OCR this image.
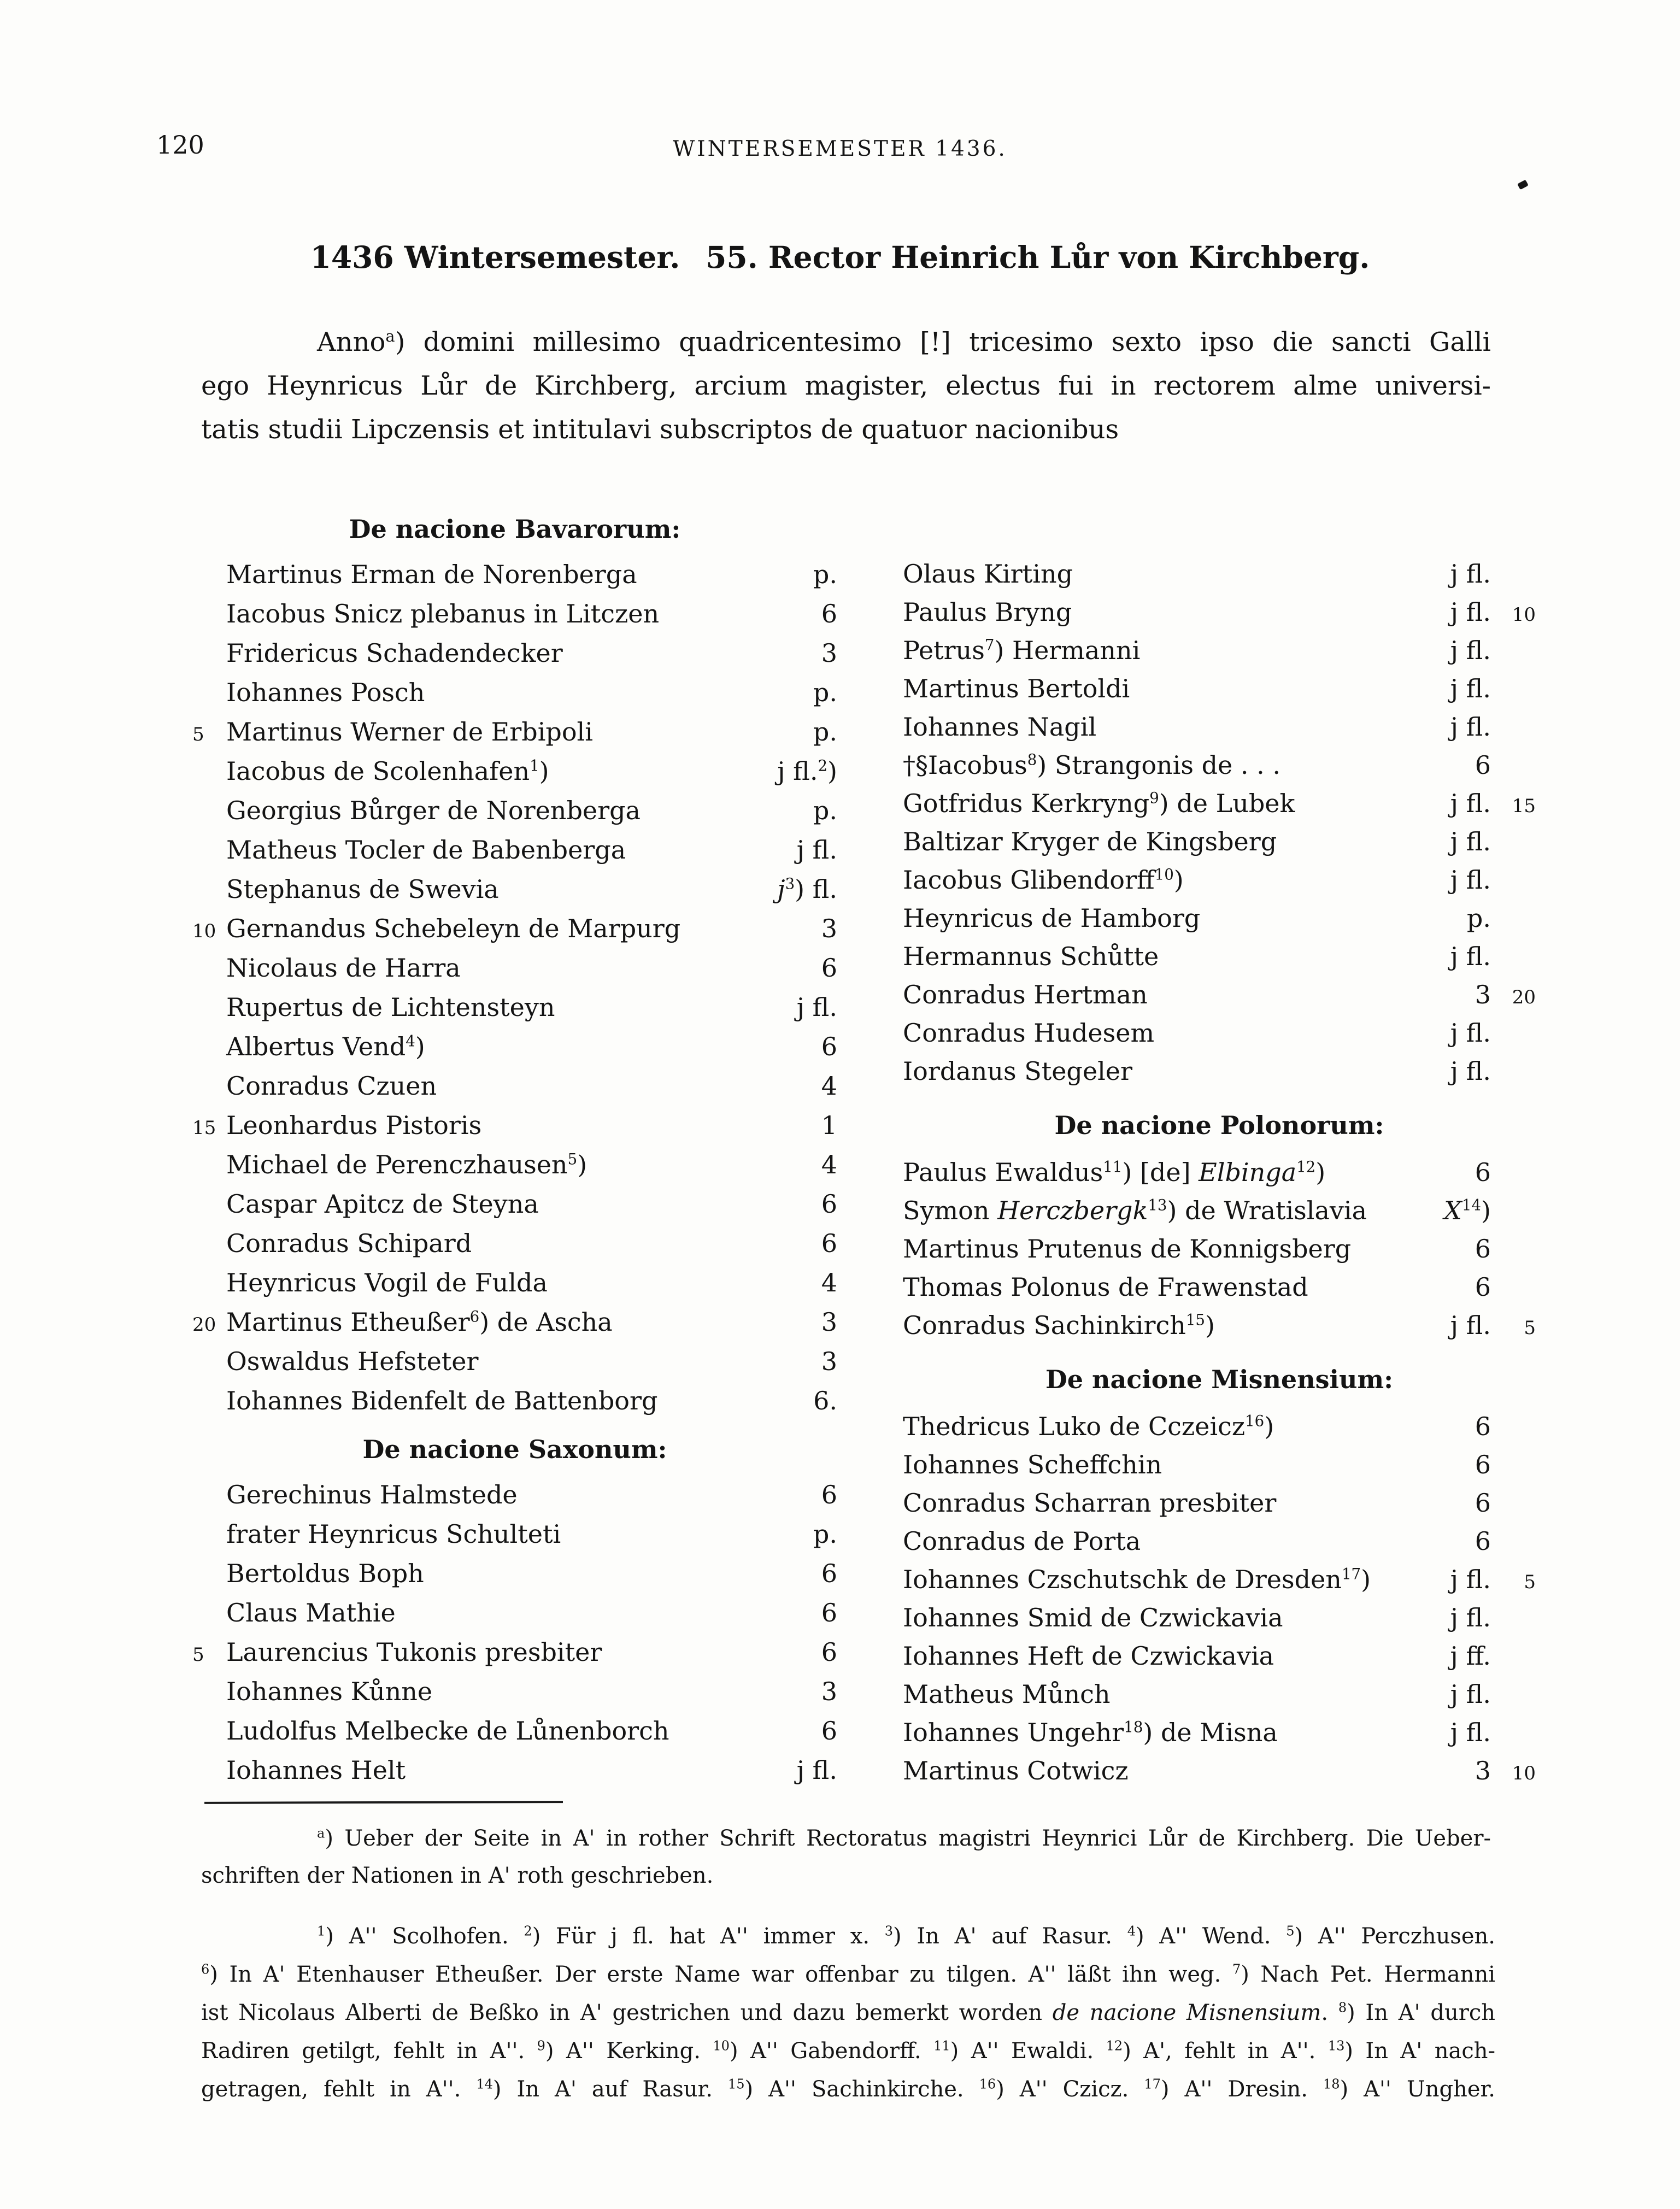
120	WINTERSEMESTER 1436.
1436 Wintersemester.  55. Rector Heinrich Lůr von Kirchberg.
Anno$^a$) domini millesimo quadricentesimo [!] tricesimo sexto ipso die sancti Galli
ego Heynricus Lůr de Kirchberg, arcium magister, electus fui in rectorem alme universi-
tatis studii Lipczensis et intitulavi subscriptos de quatuor nacionibus
De nacione Bavarorum:
Martinus Erman de Norenberga	p.
Iacobus Snicz plebanus in Litczen	6
Fridericus Schadendecker	3
Iohannes Posch	p.
5 Martinus Werner de Erbipoli	p.
Iacobus de Scolenhafen$^1$)	j fl.$^2$)
Georgius Bůrger de Norenberga	p.
Matheus Tocler de Babenberga	j fl.
Stephanus de Swevia	$j^3$) fl.
10 Gernandus Schebeleyn de Marpurg	3
Nicolaus de Harra	6
Rupertus de Lichtensteyn	j fl.
Albertus Vend$^4$)	6
Conradus Czuen	4
15 Leonhardus Pistoris	1
Michael de Perenczhausen$^5$)	4
Caspar Apitcz de Steyna	6
Conradus Schipard	6
Heynricus Vogil de Fulda	4
20 Martinus Etheußer$^6$) de Ascha	3
Oswaldus Hefsteter	3
Iohannes Bidenfelt de Battenborg	6.
De nacione Saxonum:
Gerechinus Halmstede	6
frater Heynricus Schulteti	p.
Bertoldus Boph	6
Claus Mathie	6
5 Laurencius Tukonis presbiter	6
Iohannes Kůnne	3
Ludolfus Melbecke de Lůnenborch	6
Iohannes Helt	j fl.
Olaus Kirting	j fl.
Paulus Bryng	j fl.	10
Petrus$^7$) Hermanni	j fl.
Martinus Bertoldi	j fl.
Iohannes Nagil	j fl.
†§Iacobus$^8$) Strangonis de . . .	6
Gotfridus Kerkryng$^9$) de Lubek	j fl.	15
Baltizar Kryger de Kingsberg	j fl.
Iacobus Glibendorff$^{10}$)	j fl.
Heynricus de Hamborg	p.
Hermannus Schůtte	j fl.
Conradus Hertman	3	20
Conradus Hudesem	j fl.
Iordanus Stegeler	j fl.
De nacione Polonorum:
Paulus Ewaldus$^{11}$) [de] Elbinga$^{12}$)	6
Symon Herczbergk$^{13}$) de Wratislavia	$X^{14}$)
Martinus Prutenus de Konnigsberg	6
Thomas Polonus de Frawenstad	6
Conradus Sachinkirch$^{15}$)	j fl.	5
De nacione Misnensium:
Thedricus Luko de Cczeicz$^{16}$)	6
Iohannes Scheffchin	6
Conradus Scharran presbiter	6
Conradus de Porta	6
Iohannes Czschutschk de Dresden$^{17}$)	j fl.	5
Iohannes Smid de Czwickavia	j fl.
Iohannes Heft de Czwickavia	j ff.
Matheus Můnch	j fl.
Iohannes Ungehr$^{18}$) de Misna	j fl.
Martinus Cotwicz	3	10
$^a$) Ueber der Seite in A' in rother Schrift Rectoratus magistri Heynrici Lůr de Kirchberg. Die Ueber-
schriften der Nationen in A' roth geschrieben.
$^1$) A'' Scolhofen. $^2$) Für j fl. hat A'' immer x. $^3$) In A' auf Rasur. $^4$) A'' Wend. $^5$) A'' Perczhusen.
$^6$) In A' Etenhauser Etheußer. Der erste Name war offenbar zu tilgen. A'' läßt ihn weg. $^7$) Nach Pet. Hermanni
ist Nicolaus Alberti de Beßko in A' gestrichen und dazu bemerkt worden de nacione Misnensium. $^8$) In A' durch
Radiren getilgt, fehlt in A''. $^9$) A'' Kerking. $^{10}$) A'' Gabendorff. $^{11}$) A'' Ewaldi. $^{12}$) A', fehlt in A''. $^{13}$) In A' nach-
getragen, fehlt in A''. $^{14}$) In A' auf Rasur. $^{15}$) A'' Sachinkirche. $^{16}$) A'' Czicz. $^{17}$) A'' Dresin. $^{18}$) A'' Ungher.
